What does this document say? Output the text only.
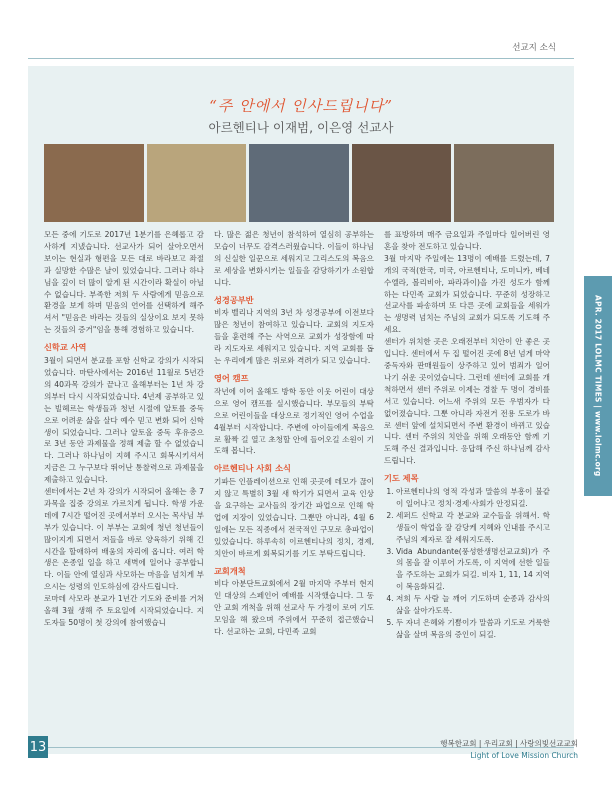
선교지 소식
“주 안에서 인사드립니다”
아르헨티나 이재범, 이은영 선교사

모든 중에 기도로 2017년 1분기를 은혜롭고 감사하게 지냈습니다. 선교사가 되어 살아오면서 보이는 현실과 형편을 모든 대로 바라보고 좌절과 실망한 수많은 날이 있었습니다. 그러나 하나님을 깊이 더 많이 알게 된 시간이라 확실이 아닐 수 없습니다. 부족한 저희 두 사람에게 믿음으로 환경을 보게 하며 믿음의 언어를 선택하게 해주셔서 "믿음은 바라는 것들의 실상이요 보지 못하는 것들의 증거"임을 통해 경험하고 있습니다.

신학교 사역

3월이 되면서 분교를 포함 신학교 강의가 시작되었습니다. 마탄사에서는 2016년 11월로 5년간의 40과목 강의가 끝나고 올해부터는 1년 차 강의부터 다시 시작되었습니다. 4년제 공부하고 있는 빌헤르는 학생들과 청년 시절에 알토를 중독으로 어려운 삶을 살다 예수 믿고 변화 되어 신학생이 되었습니다. 그러나 알토올 중독 후유증으로 3년 동안 과제물을 정해 제출 할 수 없었습니다. 그러나 하나님이 지혜 주시고 회복시키셔서 지금은 그 누구보다 뛰어난 통찰력으로 과제물을 제출하고 있습니다.

센터에서는 2년 차 강의가 시작되어 올해는 총 7과목을 집중 강의로 가르치게 됩니다. 학생 가운데에 7시간 떨어진 곳에서부터 오시는 목사님 부부가 있습니다. 이 부부는 교회에 청년 청년들이 많이지게 되면서 저들을 바로 양육하기 위해 긴 시간을 할애하여 배움의 자리에 옵니다. 여러 학생은 온종일 일을 하고 새벽에 일어나 공부합니다. 이들 안에 열심과 사모하는 마음을 넘치게 부으시는 성령의 인도하심에 감사드립니다.

로마데 사모라 분교가 1년간 기도와 준비를 거쳐 올해 3월 생해 주 토요일에 시작되었습니다. 지도자들 50명이 첫 강의에 참여했습니

다. 많은 젊은 청년이 참석하여 열심히 공부하는 모습이 너무도 감격스러웠습니다. 이들이 하나님의 신실한 일꾼으로 세워지고 그리스도의 복음으로 세상을 변화시키는 일들을 감당하기가 소원합니다.

성경공부반

비자 벨리나 지역의 3년 차 성경공부에 이전보다 많은 청년이 참여하고 있습니다. 교회의 지도자들을 훈련해 주는 사역으로 교회가 성장함에 따라 지도자로 세워지고 있습니다. 지역 교회를 돕는 우리에게 많은 위로와 격려가 되고 있습니다.

영어 캠프

작년에 이어 올해도 방학 동안 이웃 어린이 대상으로 영어 캠프를 실시했습니다. 부모들의 부탁으로 어린이들을 대상으로 정기적인 영어 수업을 4월부터 시작합니다. 주변에 아이들에게 복음으로 활짝 길 열고 초청할 안에 들어오길 소원이 기도해 봅니다.

아르헨티나 사회 소식

기파든 인플레이션으로 인해 곳곳에 데모가 끊이지 않고 특별히 3월 새 학기가 되면서 교육 인상을 요구하는 교사들의 장기간 파업으로 인해 학업에 지장이 있었습니다. 그뿐만 아니라, 4월 6일에는 모든 직종에서 전국적인 구모로 총파업이 있었습니다. 하루속히 이르헨티나의 정치, 경제, 치안이 바르게 회복되기를 기도 부탁드립니다.

교회개척

비다 아분단트교회에서 2월 마지막 주부터 현지인 대상의 스페인어 예배를 시작했습니다. 그 동안 교회 개척을 위해 선교사 두 가정이 로여 기도 모임을 해 왔으며 주위에서 꾸준히 접근했습니다. 선교하는 교회, 다민족 교회

를 표방하며 매주 금요일과 주일마다 일어버린 영혼을 찾아 전도하고 있습니다.

3월 마지막 주일에는 13명이 예배를 드렸는데, 7개의 국적(한국, 미국, 아르헨티나, 도미니카, 베네수엘라, 볼리비아, 파라과이)을 가진 성도가 함께하는 다민족 교회가 되었습니다. 꾸준히 성장하고 선교사를 파송하며 또 다른 곳에 교회들을 세워가는 생명력 넘치는 주님의 교회가 되도록 기도해 주세요.

센터가 위치한 곳은 오래전부터 치안이 안 좋은 곳입니다. 센터에서 두 집 떨어진 곳에 8년 넘게 마약 중독자와 판매원들이 상주하고 있어 범죄가 일어나기 쉬운 곳이었습니다. 그런데 센터에 교회를 개척하면서 센터 주위로 이제는 경찰 두 명이 경비를 서고 있습니다. 어느새 주위의 모든 우범자가 다 없어졌습니다. 그뿐 아니라 자전거 전용 도로가 바로 센터 앞에 설치되면서 주변 환경이 바뀌고 있습니다. 센터 주위의 치안을 위해 오래동안 함께 기도해 주신 결과입니다. 응답해 주신 하나님께 감사드립니다.

기도 제목
1. 아르헨티나의 영적 각성과 말씀의 부흥이 불같이 일어나고 정치·경제·사회가 안정되길.
2. 세퍼드 신학교 각 분교와 교수들을 위해서. 학생들이 학업을 잘 감당케 지혜와 인내를 주시고 주님의 제자로 잘 세워지도록.
3. Vida Abundante(풍성한생명선교교회)가 주의 몸을 잘 이루어 가도록, 이 지역에 선한 일들을 주도하는 교회가 되길. 비자 1, 11, 14 지역이 복음화되길.
4. 저희 두 사람 늘 깨어 기도하며 순종과 감사의 삶을 살아가도록.
5. 두 자녀 은혜와 기쁨이가 말씀과 기도로 거룩한 삶을 살며 복음의 증인이 되길.
APR. 2017 LOLMC TIMES | www.lolmc.org
13	행복한교회 | 우리교회 | 사랑의빛선교교회
Light of Love Mission Church
